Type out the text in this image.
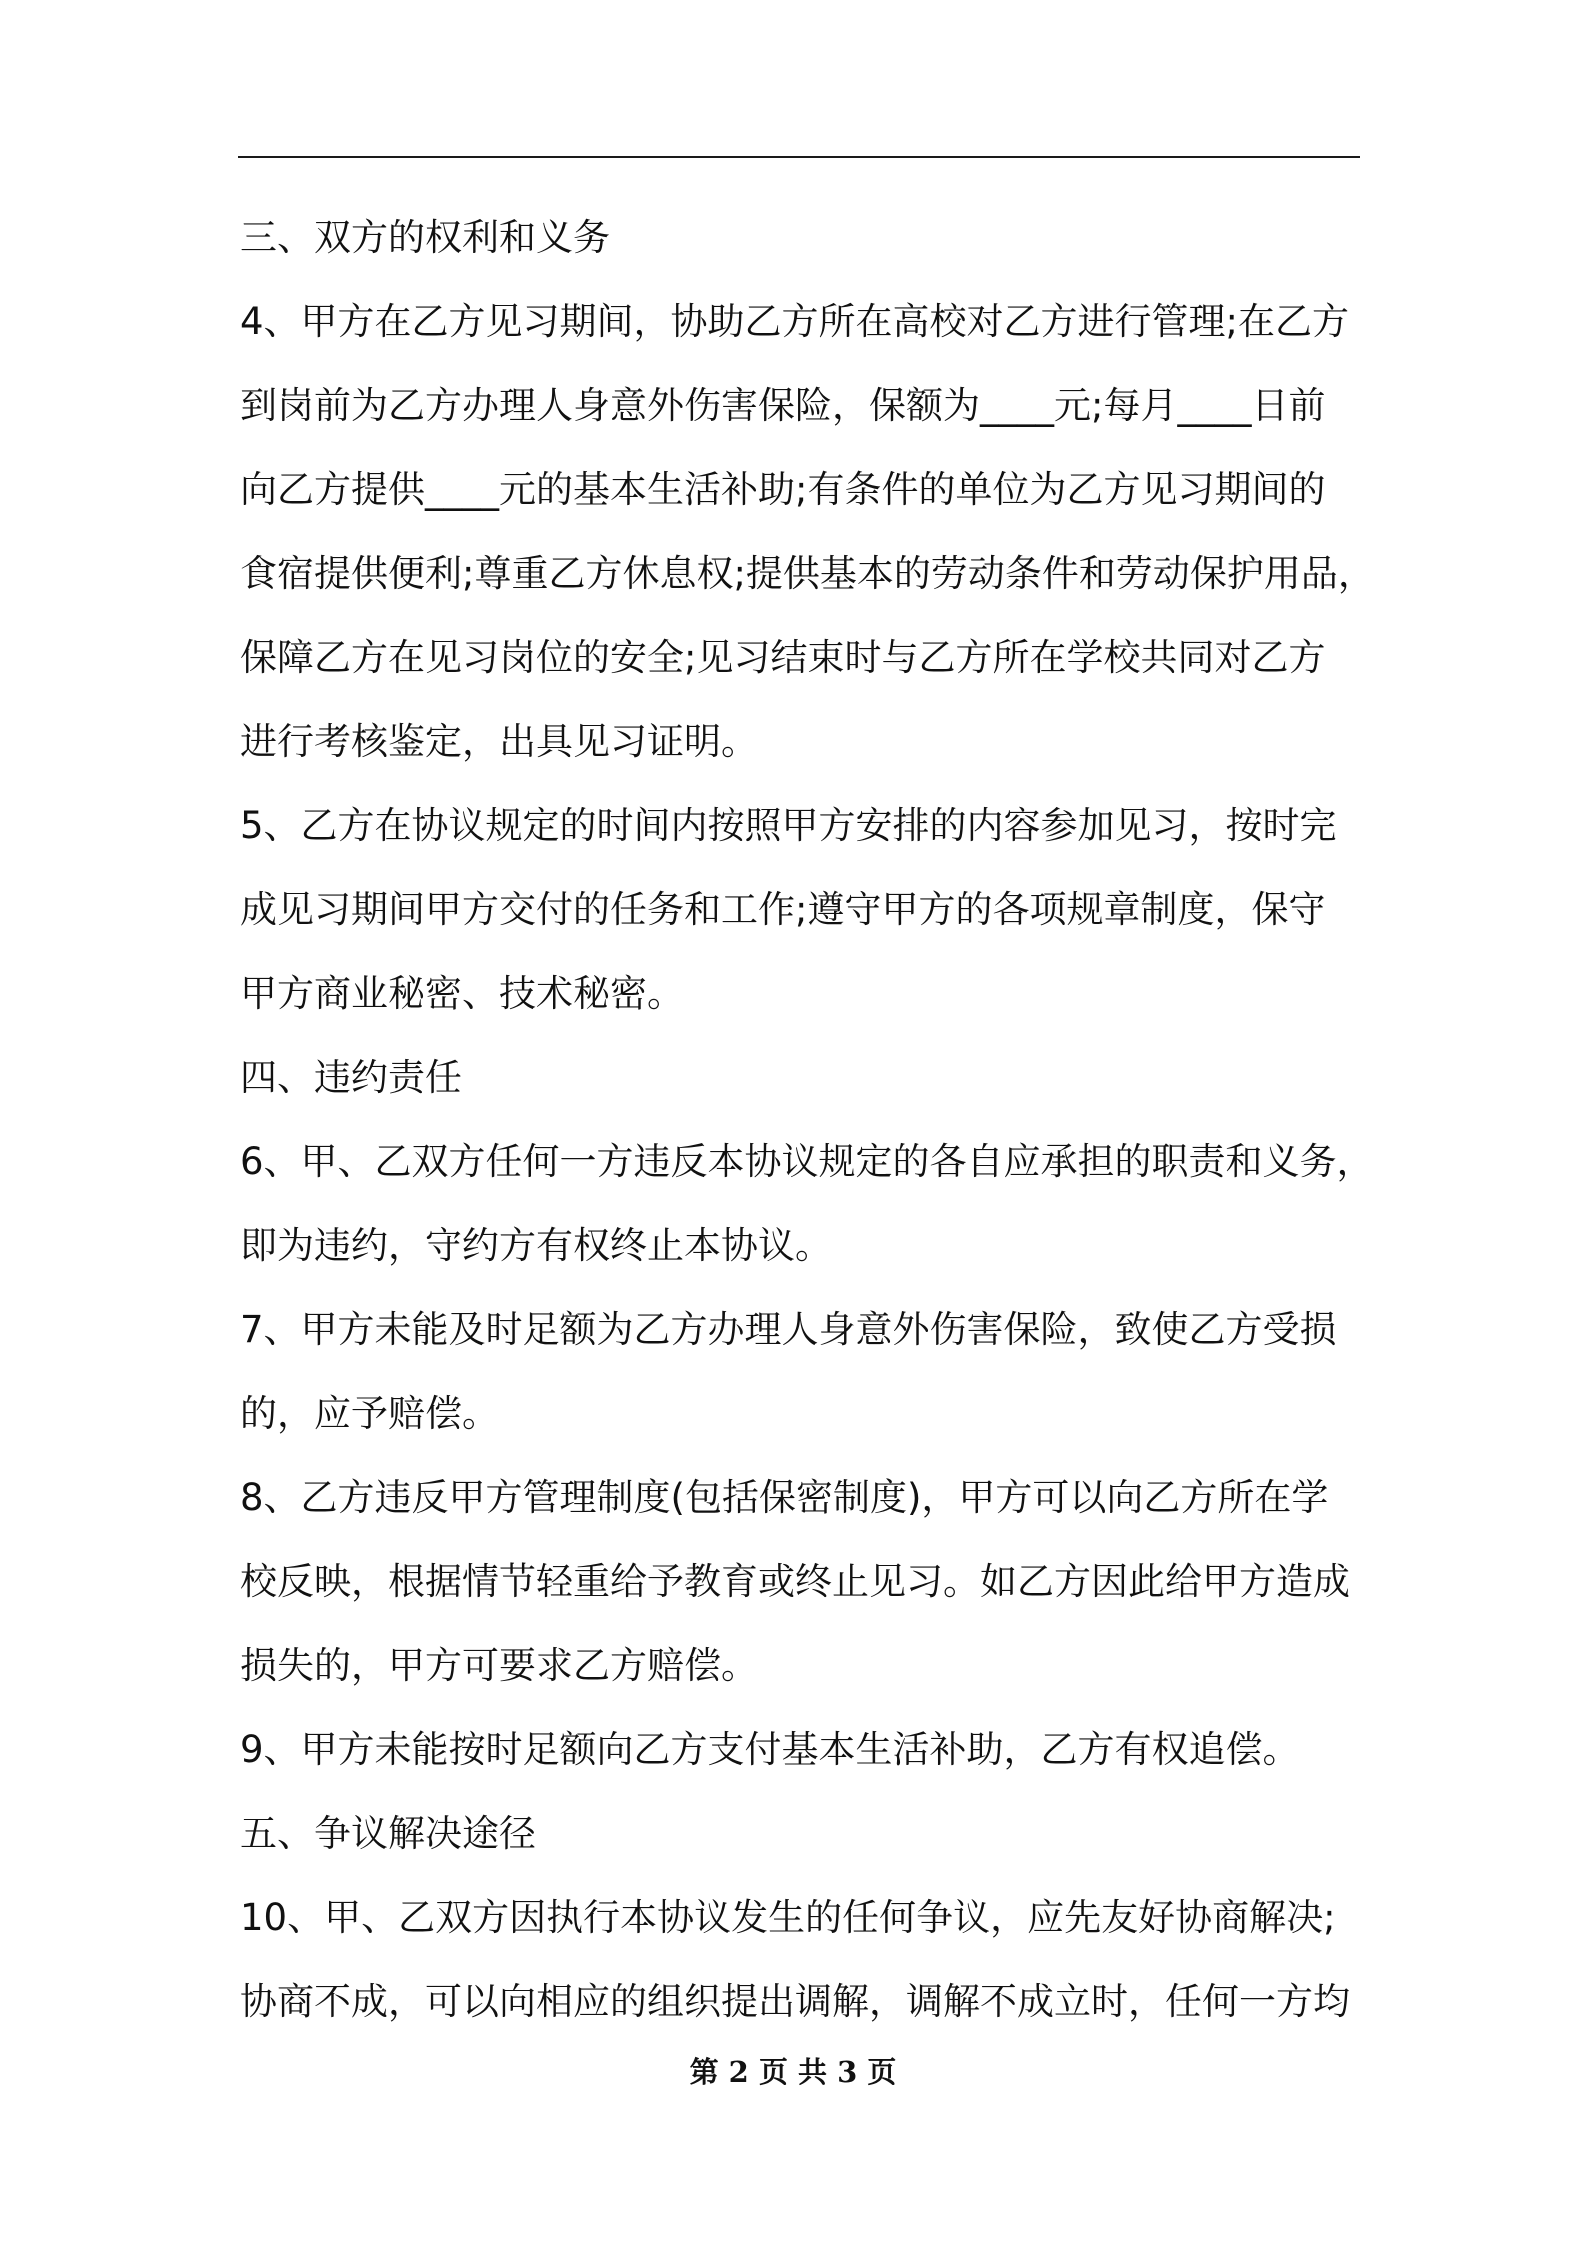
三、双方的权利和义务
4、甲方在乙方见习期间，协助乙方所在高校对乙方进行管理;在乙方
到岗前为乙方办理人身意外伤害保险，保额为____元;每月____日前
向乙方提供____元的基本生活补助;有条件的单位为乙方见习期间的
食宿提供便利;尊重乙方休息权;提供基本的劳动条件和劳动保护用品，
保障乙方在见习岗位的安全;见习结束时与乙方所在学校共同对乙方
进行考核鉴定，出具见习证明。
5、乙方在协议规定的时间内按照甲方安排的内容参加见习，按时完
成见习期间甲方交付的任务和工作;遵守甲方的各项规章制度，保守
甲方商业秘密、技术秘密。
四、违约责任
6、甲、乙双方任何一方违反本协议规定的各自应承担的职责和义务，
即为违约，守约方有权终止本协议。
7、甲方未能及时足额为乙方办理人身意外伤害保险，致使乙方受损
的，应予赔偿。
8、乙方违反甲方管理制度(包括保密制度)，甲方可以向乙方所在学
校反映，根据情节轻重给予教育或终止见习。如乙方因此给甲方造成
损失的，甲方可要求乙方赔偿。
9、甲方未能按时足额向乙方支付基本生活补助，乙方有权追偿。
五、争议解决途径
10、甲、乙双方因执行本协议发生的任何争议，应先友好协商解决;
协商不成，可以向相应的组织提出调解，调解不成立时，任何一方均
第 2 页 共 3 页
